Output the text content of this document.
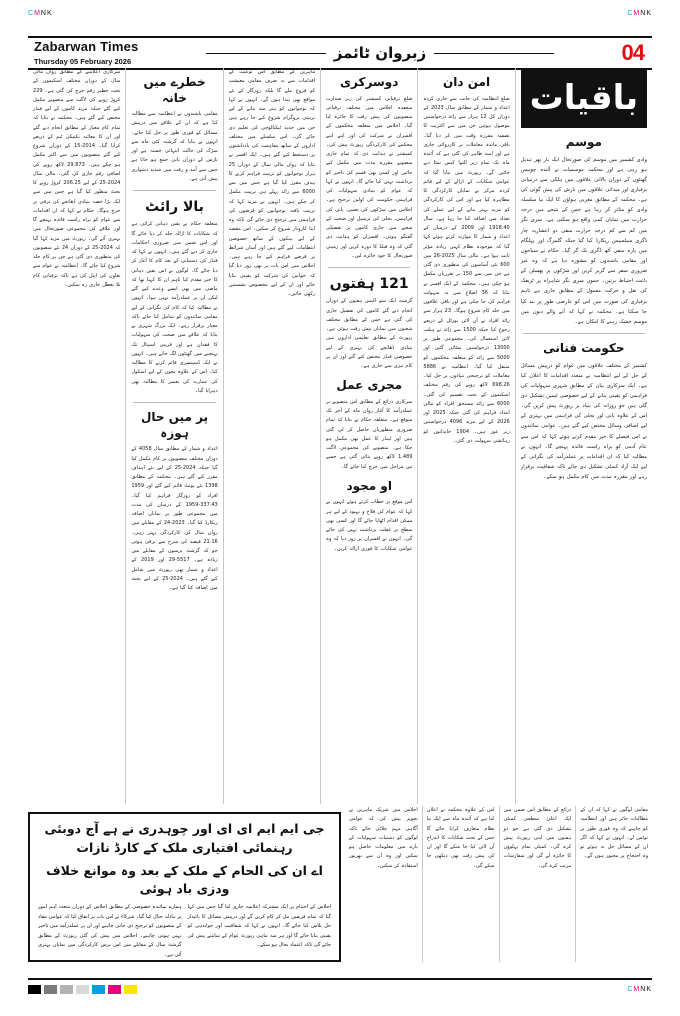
CMNK	CMNK
Zabarwan Times
Thursday 05 February 2026	زبروان ٹائمز	04
باقیات
موسم
وادی کشمیر میں موسم کی صورتحال ایک بار پھر تبدیل ہو رہی ہے اور محکمہ موسمیات نے آئندہ چوبیس گھنٹوں کے دوران بالائی علاقوں میں ہلکی سے درمیانی برفباری اور میدانی علاقوں میں بارش کی پیش گوئی کی ہے۔ محکمہ کے مطابق مغربی ہواؤں کا ایک نیا سلسلہ وادی کو متاثر کر رہا ہے جس کے نتیجے میں درجہ حرارت میں نمایاں کمی واقع ہو سکتی ہے۔ سری نگر میں کم سے کم درجہ حرارت منفی دو اعشاریہ چار ڈگری سیلسیس ریکارڈ کیا گیا جبکہ گلمرگ اور پہلگام میں پارہ منفی آٹھ ڈگری تک گر گیا۔ حکام نے سیاحوں اور مقامی باشندوں کو مشورہ دیا ہے کہ وہ غیر ضروری سفر سے گریز کریں اور سڑکوں پر پھسلن کے باعث احتیاط برتیں۔ جموں سری نگر شاہراہ پر ٹریفک کی نقل و حرکت معمول کے مطابق جاری ہے تاہم برفباری کی صورت میں اس کو عارضی طور پر بند کیا جا سکتا ہے۔ محکمہ نے کہا کہ آنے والے دنوں میں موسم خشک رہنے کا امکان ہے۔
حکومت فنانی
کشمیر کے مختلف علاقوں میں عوام کو درپیش مسائل کے حل کے لیے انتظامیہ نے متعدد اقدامات کا اعلان کیا ہے۔ ایک سرکاری بیان کے مطابق شہری سہولیات کی فراہمی کو یقینی بنانے کے لیے خصوصی ٹیمیں تشکیل دی گئی ہیں جو روزانہ کی بنیاد پر رپورٹ پیش کریں گی۔ اس کے علاوہ پانی اور بجلی کی فراہمی میں بہتری کے لیے اضافی وسائل مختص کیے گئے ہیں۔ عوامی نمائندوں نے اس فیصلے کا خیر مقدم کرتے ہوئے کہا کہ اس سے عام آدمی کو براہ راست فائدہ پہنچے گا۔ انہوں نے مطالبہ کیا کہ ان اقدامات پر عملدرآمد کی نگرانی کے لیے ایک آزاد کمیٹی تشکیل دی جائے تاکہ شفافیت برقرار رہے اور مقررہ مدت میں کام مکمل ہو سکے۔
امن دان
ضلع انتظامیہ کی جانب سے جاری کردہ اعداد و شمار کے مطابق سال 2023 کے دوران کل 12 ہزار سے زائد درخواستیں موصول ہوئیں جن میں سے اکثریت کا تصفیہ مقررہ وقت میں کر دیا گیا۔ باقی ماندہ معاملات پر کارروائی جاری ہے اور امید ظاہر کی گئی ہے کہ آئندہ ماہ تک تمام زیر التوا کیس نمٹا دیے جائیں گے۔ رپورٹ میں بتایا گیا کہ عوامی شکایات کے ازالے کے لیے قائم کردہ مرکز نے نمایاں کارکردگی کا مظاہرہ کیا ہے اور اس کی کارکردگی کو مزید بہتر بنانے کے لیے عملے کی تعداد میں اضافہ کیا جا رہا ہے۔ سال 1918.40 اور 2009 کے درمیان کے اعداد و شمار کا موازنہ کرتے ہوئے کہا گیا کہ موجودہ نظام کہیں زیادہ مؤثر ثابت ہوا ہے۔ مالی سال 2025-26 میں 600 نئی آسامیوں کی منظوری دی گئی ہے جن میں سے 150 پر تقرریاں مکمل ہو چکی ہیں۔ محکمہ کے ایک افسر نے بتایا کہ 36 اضلاع میں یہ سہولت فراہم کی جا چکی ہے اور باقی علاقوں میں جلد کام شروع ہوگا۔ 23 ہزار سے زائد افراد نے آن لائن پورٹل کے ذریعے رجوع کیا جبکہ 1500 سے زائد نے ہیلپ لائن استعمال کی۔ مجموعی طور پر 13000 درخواستیں نمٹائی گئیں اور 5000 سے زائد کو متعلقہ محکموں کو منتقل کیا گیا۔ انتظامیہ نے 5886 معاملات کو ترجیحی بنیادوں پر حل کیا۔ 698.26 لاکھ روپے کی رقم مختلف اسکیموں کے تحت تقسیم کی گئی۔ 6000 سے زائد مستحق افراد کو مالی امداد فراہم کی گئی جبکہ 2025 اور 2026 کے لیے مزید 4096 درخواستیں زیر غور ہیں۔ 1904 خاندانوں کو رہائشی سہولت دی گئی۔
دوسرکری
ضلع ترقیاتی کمیشنر کی زیر صدارت منعقدہ اجلاس میں مختلف ترقیاتی منصوبوں کی پیش رفت کا جائزہ لیا گیا۔ اجلاس میں متعلقہ محکموں کے افسران نے شرکت کی اور اپنے اپنے محکمے کی کارکردگی رپورٹ پیش کی۔ کمیشنر نے ہدایت دی کہ تمام جاری منصوبے مقررہ مدت میں مکمل کیے جائیں اور کسی بھی قسم کی تاخیر کو برداشت نہیں کیا جائے گا۔ انہوں نے کہا کہ عوام کو بنیادی سہولیات کی فراہمی حکومت کی اولین ترجیح ہے۔ اجلاس میں سڑکوں کی تعمیر، پانی کی فراہمی، بجلی کی ترسیل اور صحت کے شعبے میں جاری کاموں پر تفصیلی گفتگو ہوئی۔ افسران کو ہدایت دی گئی کہ وہ فیلڈ کا دورہ کریں اور زمینی صورتحال کا خود جائزہ لیں۔
121 ہفتوں
گزشتہ ایک سو اکیس ہفتوں کے دوران انجام دیے گئے کاموں کی تفصیل جاری کی گئی ہے جس کے مطابق مختلف شعبوں میں نمایاں پیش رفت ہوئی ہے۔ رپورٹ کے مطابق تعلیمی اداروں میں بنیادی ڈھانچے کی بہتری کے لیے خصوصی فنڈز مختص کیے گئے اور ان پر کام تیزی سے جاری ہے۔
مجری عمل
سرکاری ذرائع کے مطابق اس منصوبے پر عملدرآمد کا آغاز رواں ماہ کے آخر تک متوقع ہے۔ متعلقہ حکام نے بتایا کہ تمام ضروری منظوریاں حاصل کر لی گئی ہیں اور ٹینڈر کا عمل بھی مکمل ہو چکا ہے۔ منصوبے کی مجموعی لاگت 1,489 لاکھ روپے بتائی گئی ہے جسے تین مراحل میں خرچ کیا جائے گا۔
او مجود
اس موقع پر خطاب کرتے ہوئے انہوں نے کہا کہ عوام کی فلاح و بہبود کے لیے ہر ممکن اقدام اٹھایا جائے گا اور کسی بھی سطح پر غفلت برداشت نہیں کی جائے گی۔ انہوں نے افسران پر زور دیا کہ وہ عوامی شکایات کا فوری ازالہ کریں۔
ماہرین کے مطابق اس نوعیت کے اقدامات سے نہ صرف مقامی معیشت کو فروغ ملے گا بلکہ روزگار کے نئے مواقع بھی پیدا ہوں گے۔ انہوں نے کہا کہ نوجوانوں کو ہنر مند بنانے کے لیے تربیتی پروگرام شروع کیے جا رہے ہیں جن میں جدید ٹیکنالوجی کی تعلیم دی جائے گی۔ اس سلسلے میں مختلف اداروں کے ساتھ مفاہمت کی یادداشتوں پر دستخط کیے گئے ہیں۔ ایک افسر نے بتایا کہ رواں مالی سال کے دوران 25 ہزار نوجوانوں کو تربیت فراہم کرنے کا ہدف مقرر کیا گیا ہے جس میں سے 6000 سے زائد پہلے ہی تربیت مکمل کر چکے ہیں۔ انہوں نے مزید کہا کہ تربیت یافتہ نوجوانوں کو قرضوں کی فراہمی میں ترجیح دی جائے گی تاکہ وہ اپنا کاروبار شروع کر سکیں۔ اس مقصد کے لیے بینکوں کے ساتھ خصوصی انتظامات کیے گئے ہیں اور آسان شرائط پر قرضے فراہم کیے جا رہے ہیں۔ اجلاس میں اس بات پر بھی زور دیا گیا کہ خواتین کی شرکت کو یقینی بنایا جائے اور ان کے لیے مخصوص نشستیں رکھی جائیں۔
خطرے میں خانہ
مقامی باشندوں نے انتظامیہ سے مطالبہ کیا ہے کہ ان کے علاقے میں درپیش مسائل کو فوری طور پر حل کیا جائے۔ انہوں نے بتایا کہ گزشتہ کئی ماہ سے سڑک کی حالت انتہائی خستہ ہے اور بارش کے دوران پانی جمع ہو جاتا ہے جس سے آمد و رفت میں شدید دشواری پیش آتی ہے۔
بالا رائٹ
متعلقہ حکام نے یقین دہانی کرائی ہے کہ شکایات کا ازالہ جلد کر دیا جائے گا اور اس ضمن میں ضروری احکامات جاری کر دیے گئے ہیں۔ انہوں نے کہا کہ فنڈز کی دستیابی کے بعد کام کا آغاز کر دیا جائے گا۔ لوگوں نے اس یقین دہانی کا خیر مقدم کیا تاہم ان کا کہنا تھا کہ ماضی میں بھی ایسے وعدے کیے گئے لیکن ان پر عملدرآمد نہیں ہوا۔ انہوں نے مطالبہ کیا کہ کام کی نگرانی کے لیے مقامی نمائندوں کو شامل کیا جائے تاکہ معیار برقرار رہے۔ ایک بزرگ شہری نے بتایا کہ علاقے میں صحت کی سہولیات کا فقدان ہے اور قریبی اسپتال تک پہنچنے میں گھنٹوں لگ جاتے ہیں۔ انہوں نے ایک ڈسپنسری قائم کرنے کا مطالبہ کیا۔ اس کے علاوہ بچوں کے لیے اسکول کی عمارت کی تعمیر کا مطالبہ بھی دہرایا گیا۔
پر میں حال ہوزہ
اعداد و شمار کے مطابق سال 4058 کے دوران مختلف منصوبوں پر کام مکمل کیا گیا جبکہ 2024-25 کے لیے نئے اہداف مقرر کیے گئے ہیں۔ محکمہ کے مطابق 1398 نئے یونٹ قائم کیے گئے اور 1959 افراد کو روزگار فراہم کیا گیا۔ 337.43-1959 کے درمیان کی مدت میں مجموعی طور پر نمایاں اضافہ ریکارڈ کیا گیا۔ 2023-24 کے مقابلے میں رواں سال کی کارکردگی بہتر رہی۔ 21.16 فیصد کی شرح سے ترقی ہوئی جو کہ گزشتہ برسوں کے مقابلے میں زیادہ ہے۔ 5517-29 اور 2019 کے اعداد و شمار بھی رپورٹ میں شامل کیے گئے ہیں۔ 2024-25 کے لیے بجٹ میں اضافہ کیا گیا ہے۔
سرکاری اعلامیے کے مطابق رواں مالی سال کے دوران مختلف اسکیموں کے تحت خطیر رقم خرچ کی گئی ہے۔ 229 کروڑ روپے کی لاگت سے منصوبے مکمل کیے گئے جبکہ مزید کاموں کے لیے فنڈز مختص کیے گئے ہیں۔ محکمہ نے بتایا کہ تمام کام معیار کے مطابق انجام دیے گئے اور ان کا معائنہ تکنیکی ٹیم کے ذریعے کرایا گیا۔ 2014-15 کے دوران شروع کیے گئے منصوبوں میں سے اکثر مکمل ہو چکے ہیں۔ 29.873 لاکھ روپے کی اضافی رقم جاری کی گئی۔ مالی سال 2024-25 کے لیے 206.25 کروڑ روپے کا بجٹ منظور کیا گیا ہے جس میں سے ایک بڑا حصہ بنیادی ڈھانچے کی ترقی پر خرچ ہوگا۔ حکام نے کہا کہ ان اقدامات سے عوام کو براہ راست فائدہ پہنچے گا اور علاقے کی مجموعی صورتحال میں بہتری آئے گی۔ رپورٹ میں مزید کہا گیا کہ 2024-25 کے دوران 24 نئے منصوبوں کی منظوری دی گئی ہے جن پر کام جلد شروع کیا جائے گا۔ انتظامیہ نے عوام سے تعاون کی اپیل کی ہے تاکہ ترقیاتی کام بلا تعطل جاری رہ سکیں۔
جی ایم ایم ای ای اور چوہدری نے ہے آج دوبئی رہنمائی افتیاری ملک کے کارڈ نازات
اے ان کی الحام کے ملک کے بعد وہ موانع خلاف ودزی باد ہوئی
اجلاس کے اختتام پر ایک مشترکہ اعلامیہ جاری کیا گیا جس میں کہا گیا کہ تمام فریقین مل کر کام کریں گے اور درپیش مسائل کا پائیدار حل تلاش کیا جائے گا۔ انہوں نے کہا کہ شفافیت اور جوابدہی کو یقینی بنایا جائے گا اور ہر سہ ماہی رپورٹ عوام کے سامنے پیش کی جائے گی تاکہ اعتماد بحال ہو سکے۔
ہمارے نمائندہ خصوصی کے مطابق اجلاس کے دوران متعدد اہم امور پر تبادلہ خیال کیا گیا۔ شرکاء نے اس بات پر اتفاق کیا کہ عوامی مفاد کے منصوبوں کو ترجیح دی جانی چاہیے اور ان پر عملدرآمد میں تاخیر نہیں ہونی چاہیے۔ اجلاس میں پیش کی گئی رپورٹ کے مطابق گزشتہ سال کے مقابلے میں اس برس کارکردگی میں نمایاں بہتری آئی ہے۔
مقامی لوگوں نے کہا کہ ان کے مطالبات جائز ہیں اور انتظامیہ کو چاہیے کہ وہ فوری طور پر نوٹس لے۔ انہوں نے کہا کہ اگر ان کے مسائل حل نہ ہوئے تو وہ احتجاج پر مجبور ہوں گے۔
ذرائع کے مطابق اس ضمن میں ایک اعلیٰ سطحی کمیٹی تشکیل دی گئی ہے جو دو ہفتوں میں اپنی رپورٹ پیش کرے گی۔ کمیٹی تمام پہلوؤں کا جائزہ لے گی اور سفارشات مرتب کرے گی۔
اس کے علاوہ محکمہ نے اعلان کیا ہے کہ آئندہ ماہ سے ایک نیا نظام متعارف کرایا جائے گا جس کے تحت شکایات کا اندراج آن لائن کیا جا سکے گا اور ان کی پیش رفت بھی دیکھی جا سکے گی۔
اجلاس میں شریک ماہرین نے تجویز پیش کی کہ عوامی آگاہی مہم چلائی جائے تاکہ لوگوں کو دستیاب سہولیات کے بارے میں معلومات حاصل ہو سکیں اور وہ ان سے بھرپور استفادہ کر سکیں۔
CMNK
